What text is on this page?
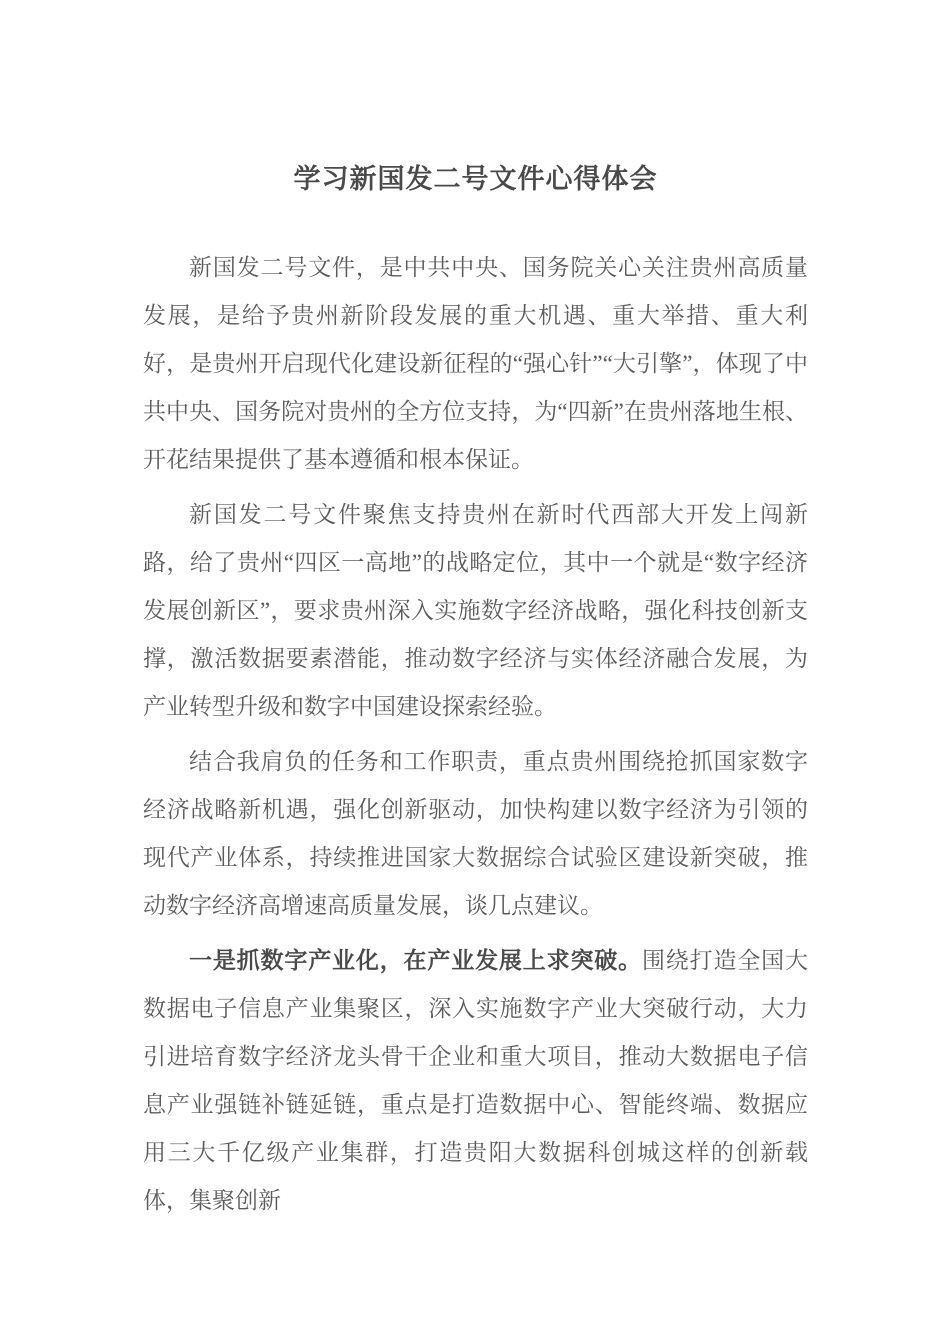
学习新国发二号文件心得体会

新国发二号文件，是中共中央、国务院关心关注贵州高质量发展，是给予贵州新阶段发展的重大机遇、重大举措、重大利好，是贵州开启现代化建设新征程的“强心针”“大引擎”，体现了中共中央、国务院对贵州的全方位支持，为“四新”在贵州落地生根、开花结果提供了基本遵循和根本保证。

新国发二号文件聚焦支持贵州在新时代西部大开发上闯新路，给了贵州“四区一高地”的战略定位，其中一个就是“数字经济发展创新区”，要求贵州深入实施数字经济战略，强化科技创新支撑，激活数据要素潜能，推动数字经济与实体经济融合发展，为产业转型升级和数字中国建设探索经验。

结合我肩负的任务和工作职责，重点贵州围绕抢抓国家数字经济战略新机遇，强化创新驱动，加快构建以数字经济为引领的现代产业体系，持续推进国家大数据综合试验区建设新突破，推动数字经济高增速高质量发展，谈几点建议。

一是抓数字产业化，在产业发展上求突破。围绕打造全国大数据电子信息产业集聚区，深入实施数字产业大突破行动，大力引进培育数字经济龙头骨干企业和重大项目，推动大数据电子信息产业强链补链延链，重点是打造数据中心、智能终端、数据应用三大千亿级产业集群，打造贵阳大数据科创城这样的创新载体，集聚创新
